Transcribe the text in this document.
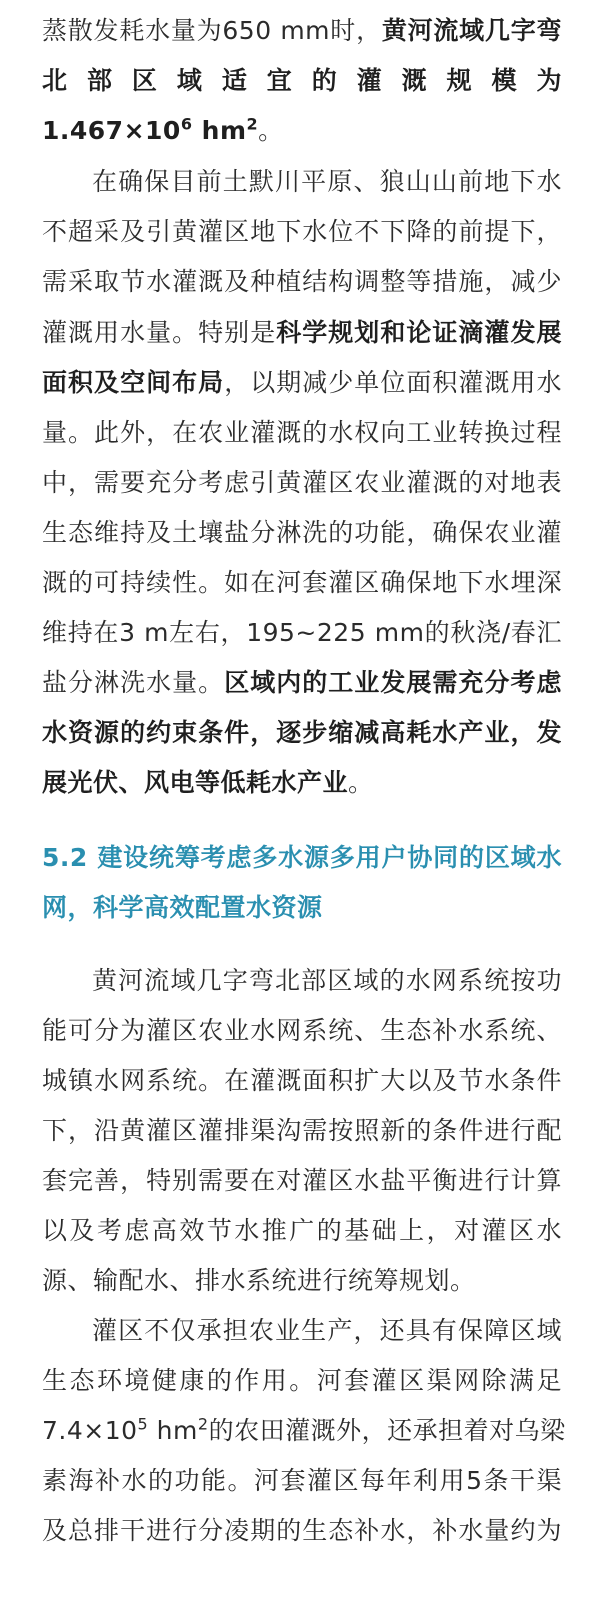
蒸散发耗水量为650 mm时，黄河流域几字弯
北部区域适宜的灌溉规模为
$1.467\times 10^6$ $hm^2$。
在确保目前土默川平原、狼山山前地下水
不超采及引黄灌区地下水位不下降的前提下，
需采取节水灌溉及种植结构调整等措施，减少
灌溉用水量。特别是科学规划和论证滴灌发展
面积及空间布局，以期减少单位面积灌溉用水
量。此外，在农业灌溉的水权向工业转换过程
中，需要充分考虑引黄灌区农业灌溉的对地表
生态维持及土壤盐分淋洗的功能，确保农业灌
溉的可持续性。如在河套灌区确保地下水埋深
维持在3 m左右，195~225 mm的秋浇/春汇
盐分淋洗水量。区域内的工业发展需充分考虑
水资源的约束条件，逐步缩减高耗水产业，发
展光伏、风电等低耗水产业。
5.2 建设统筹考虑多水源多用户协同的区域水
网，科学高效配置水资源
黄河流域几字弯北部区域的水网系统按功
能可分为灌区农业水网系统、生态补水系统、
城镇水网系统。在灌溉面积扩大以及节水条件
下，沿黄灌区灌排渠沟需按照新的条件进行配
套完善，特别需要在对灌区水盐平衡进行计算
以及考虑高效节水推广的基础上，对灌区水
源、输配水、排水系统进行统筹规划。
灌区不仅承担农业生产，还具有保障区域
生态环境健康的作用。河套灌区渠网除满足
$7.4\times 10^5$ $hm^2$的农田灌溉外，还承担着对乌梁
素海补水的功能。河套灌区每年利用5条干渠
及总排干进行分凌期的生态补水，补水量约为
